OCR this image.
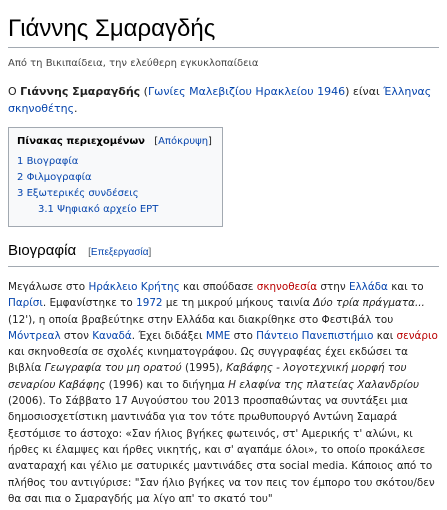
Γιάννης Σμαραγδής
Από τη Βικιπαίδεια, την ελεύθερη εγκυκλοπαίδεια
Ο Γιάννης Σμαραγδής (Γωνίες Μαλεβιζίου Ηρακλείου 1946) είναι Έλληνας σκηνοθέτης.
Πίνακας περιεχομένων [Απόκρυψη]
1 Βιογραφία
2 Φιλμογραφία
3 Εξωτερικές συνδέσεις
3.1 Ψηφιακό αρχείο ΕΡΤ
Βιογραφία [Επεξεργασία]

Μεγάλωσε στο Ηράκλειο Κρήτης και σπούδασε σκηνοθεσία στην Ελλάδα και το Παρίσι. Εμφανίστηκε το 1972 με τη μικρού μήκους ταινία Δύο τρία πράγματα... (12'), η οποία βραβεύτηκε στην Ελλάδα και διακρίθηκε στο Φεστιβάλ του Μόντρεαλ στον Καναδά. Έχει διδάξει ΜΜΕ στο Πάντειο Πανεπιστήμιο και σενάριο και σκηνοθεσία σε σχολές κινηματογράφου. Ως συγγραφέας έχει εκδώσει τα βιβλία Γεωγραφία του μη ορατού (1995), Καβάφης - λογοτεχνική μορφή του σεναρίου Καβάφης (1996) και το διήγημα Η ελαφίνα της πλατείας Χαλανδρίου (2006). Το Σάββατο 17 Αυγούστου του 2013 προσπαθώντας να συντάξει μια δημοσιοσχετίστικη μαντινάδα για τον τότε πρωθυπουργό Αντώνη Σαμαρά ξεστόμισε το άστοχο: «Σαν ήλιος βγήκες φωτεινός, στ' Αμερικής τ' αλώνι, κι ήρθες κι έλαμψες και ήρθες νικητής, και σ' αγαπάμε όλοι», το οποίο προκάλεσε αναταραχή και γέλιο με σατυρικές μαντινάδες στα social media. Κάποιος από το πλήθος του αντιγύρισε: "Σαν ήλιο βγήκες να τον πεις τον έμπορο του σκότου/δεν θα σαι πια ο Σμαραγδής μα λίγο απ' το σκατό του"
